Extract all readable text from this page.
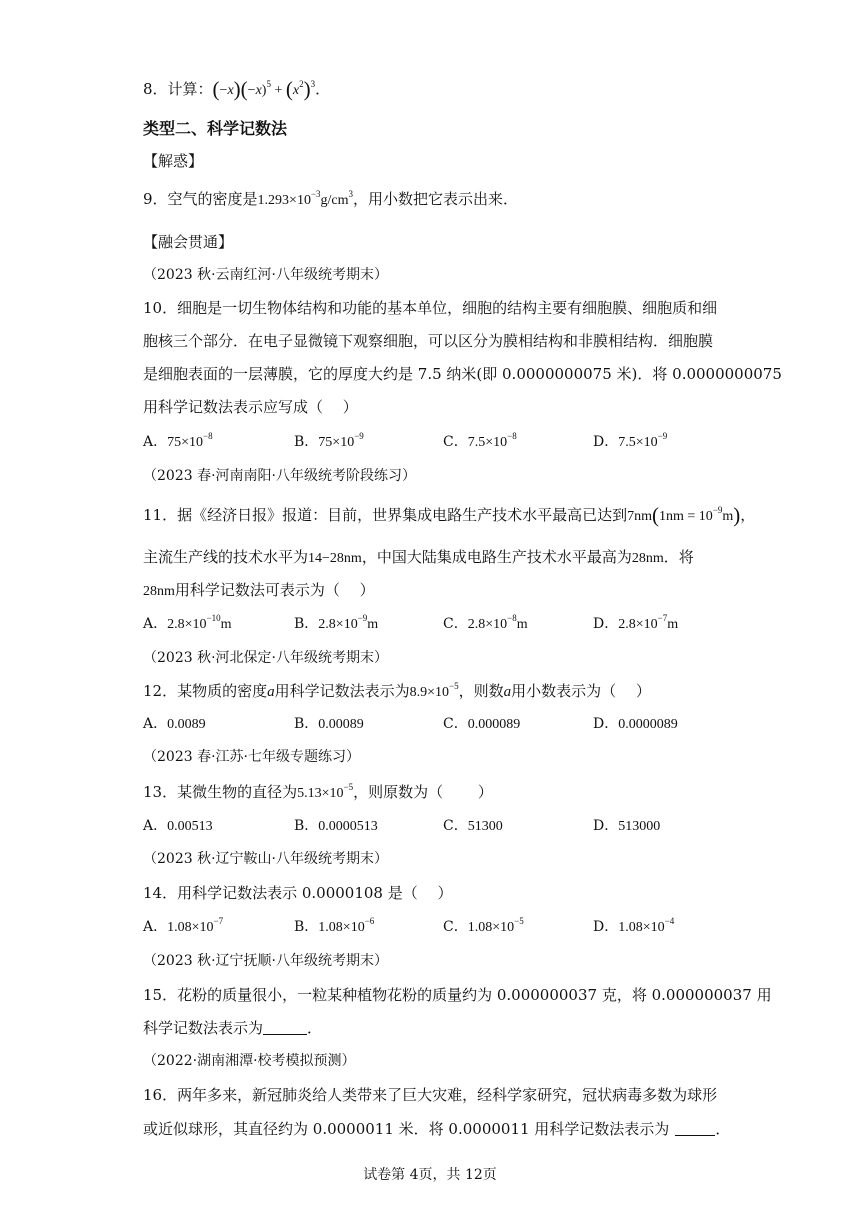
8．计算：$(-x)(-x)^5 + (x^2)^3$．
类型二、科学记数法
【解惑】
9．空气的密度是$1.293\times 10^{-3}g/cm^3$，用小数把它表示出来．
【融会贯通】
（2023 秋·云南红河·八年级统考期末）
10．细胞是一切生物体结构和功能的基本单位，细胞的结构主要有细胞膜、细胞质和细
胞核三个部分．在电子显微镜下观察细胞，可以区分为膜相结构和非膜相结构．细胞膜
是细胞表面的一层薄膜，它的厚度大约是 7.5 纳米(即 0.0000000075 米)．将 0.0000000075
用科学记数法表示应写成（　 ）
A．$75\times 10^{-8}$	B．$75\times 10^{-9}$	C．$7.5\times 10^{-8}$	D．$7.5\times 10^{-9}$
（2023 春·河南南阳·八年级统考阶段练习）
11．据《经济日报》报道：目前，世界集成电路生产技术水平最高已达到$7nm(1nm = 10^{-9}m)$，
主流生产线的技术水平为14−28nm，中国大陆集成电路生产技术水平最高为28nm．将
28nm用科学记数法可表示为（　 ）
A．$2.8\times 10^{-10}m$	B．$2.8\times 10^{-9}m$	C．$2.8\times 10^{-8}m$	D．$2.8\times 10^{-7}m$
（2023 秋·河北保定·八年级统考期末）
12．某物质的密度a用科学记数法表示为$8.9\times 10^{-5}$，则数a用小数表示为（　 ）
A．0.0089	B．0.00089	C．0.000089	D．0.0000089
（2023 春·江苏·七年级专题练习）
13．某微生物的直径为$5.13\times 10^{-5}$，则原数为（　　 ）
A．0.00513	B．0.0000513	C．51300	D．513000
（2023 秋·辽宁鞍山·八年级统考期末）
14．用科学记数法表示 0.0000108 是（　 ）
A．$1.08\times 10^{-7}$	B．$1.08\times 10^{-6}$	C．$1.08\times 10^{-5}$	D．$1.08\times 10^{-4}$
（2023 秋·辽宁抚顺·八年级统考期末）
15．花粉的质量很小，一粒某种植物花粉的质量约为 0.000000037 克，将 0.000000037 用
科学记数法表示为	．
（2022·湖南湘潭·校考模拟预测）
16．两年多来，新冠肺炎给人类带来了巨大灾难，经科学家研究，冠状病毒多数为球形
或近似球形，其直径约为 0.0000011 米．将 0.0000011 用科学记数法表示为	．
试卷第 4页，共 12页
